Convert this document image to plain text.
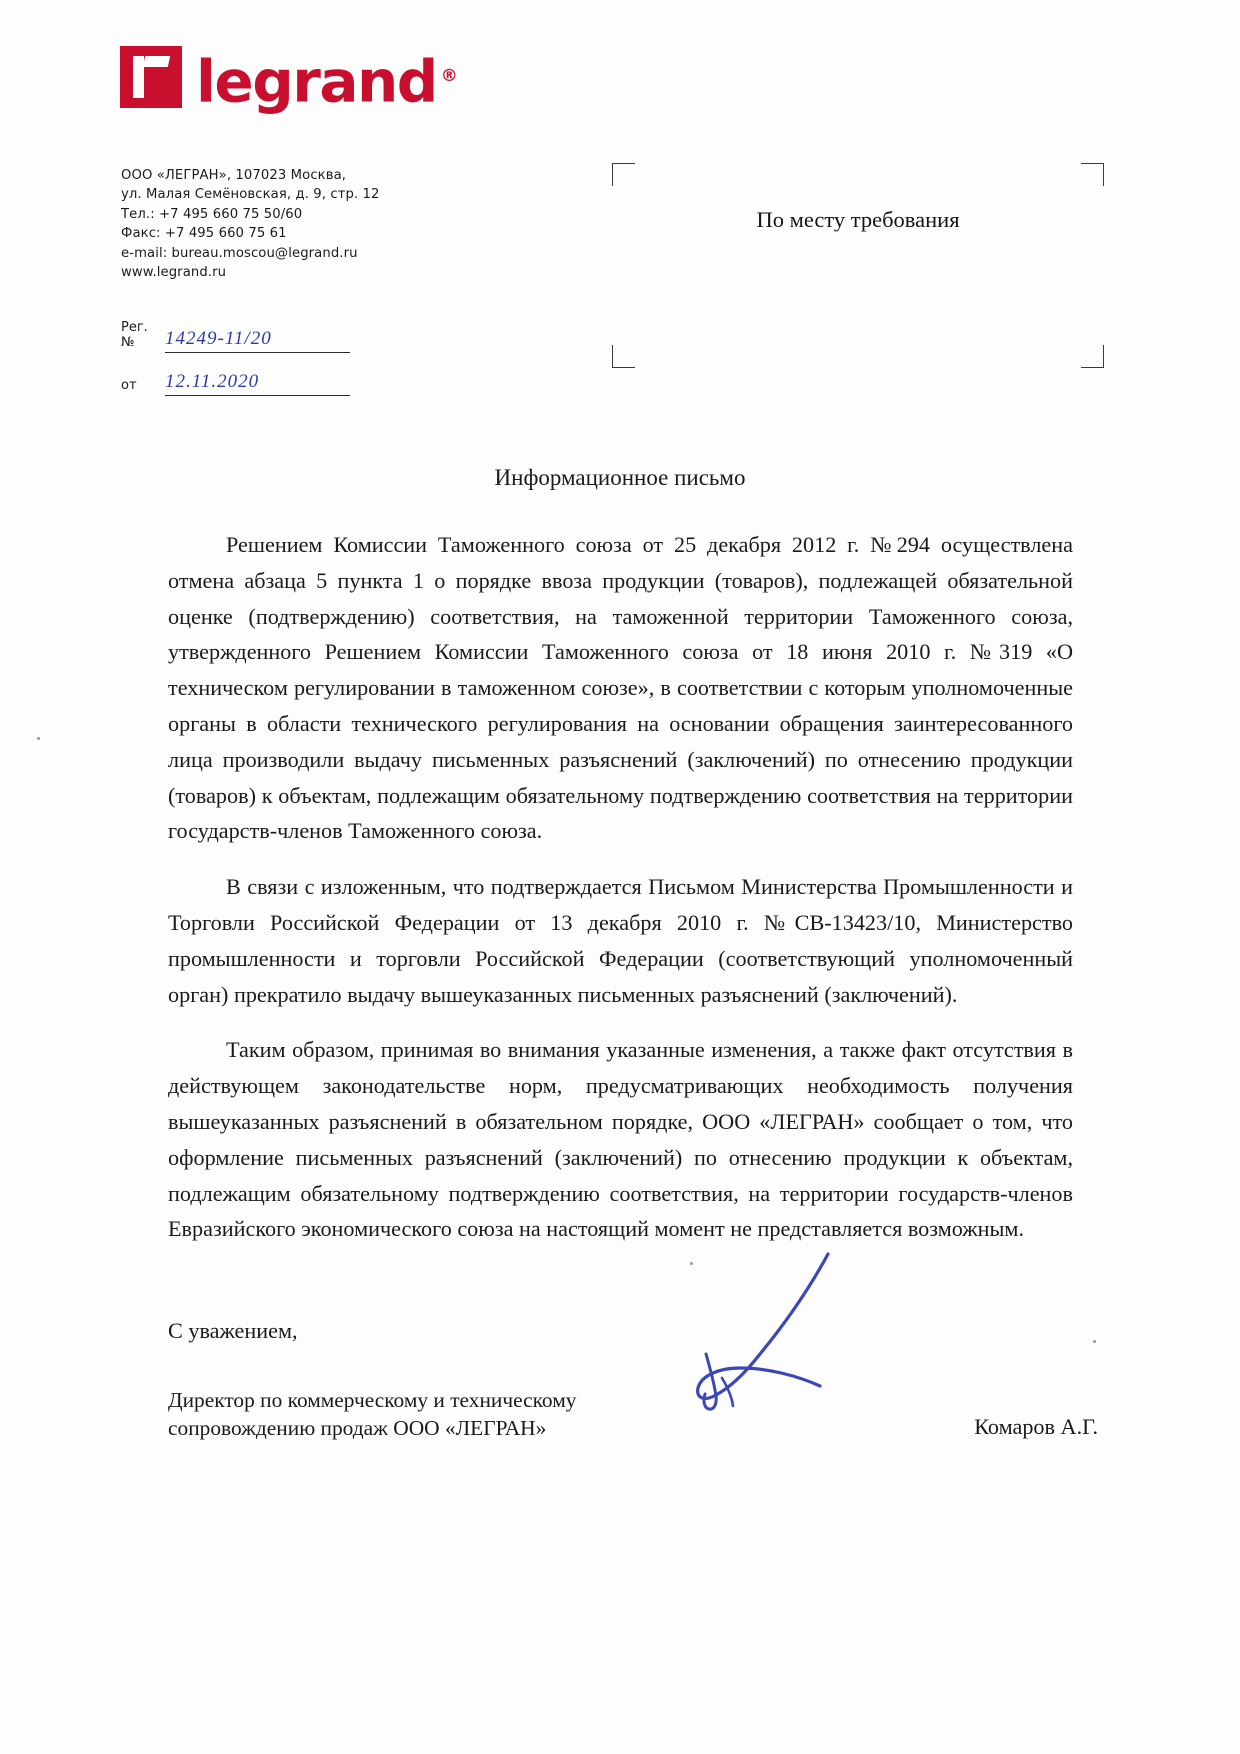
legrand ®
ООО «ЛЕГРАН», 107023 Москва,
ул. Малая Семёновская, д. 9, стр. 12
Тел.: +7 495 660 75 50/60
Факс: +7 495 660 75 61
e-mail: bureau.moscou@legrand.ru
www.legrand.ru
Рег. №	14249-11/20
от	12.11.2020
По месту требования
Информационное письмо

Решением Комиссии Таможенного союза от 25 декабря 2012 г. №294 осуществлена отмена абзаца 5 пункта 1 о порядке ввоза продукции (товаров), подлежащей обязательной оценке (подтверждению) соответствия, на таможенной территории Таможенного союза, утвержденного Решением Комиссии Таможенного союза от 18 июня 2010 г. №319 «О техническом регулировании в таможенном союзе», в соответствии с которым уполномоченные органы в области технического регулирования на основании обращения заинтересованного лица производили выдачу письменных разъяснений (заключений) по отнесению продукции (товаров) к объектам, подлежащим обязательному подтверждению соответствия на территории государств-членов Таможенного союза.

В связи с изложенным, что подтверждается Письмом Министерства Промышленности и Торговли Российской Федерации от 13 декабря 2010 г. №СВ-13423/10, Министерство промышленности и торговли Российской Федерации (соответствующий уполномоченный орган) прекратило выдачу вышеуказанных письменных разъяснений (заключений).

Таким образом, принимая во внимания указанные изменения, а также факт отсутствия в действующем законодательстве норм, предусматривающих необходимость получения вышеуказанных разъяснений в обязательном порядке, ООО «ЛЕГРАН» сообщает о том, что оформление письменных разъяснений (заключений) по отнесению продукции к объектам, подлежащим обязательному подтверждению соответствия, на территории государств-членов Евразийского экономического союза на настоящий момент не представляется возможным.

С уважением,
Директор по коммерческому и техническому
сопровождению продаж ООО «ЛЕГРАН»	Комаров А.Г.
